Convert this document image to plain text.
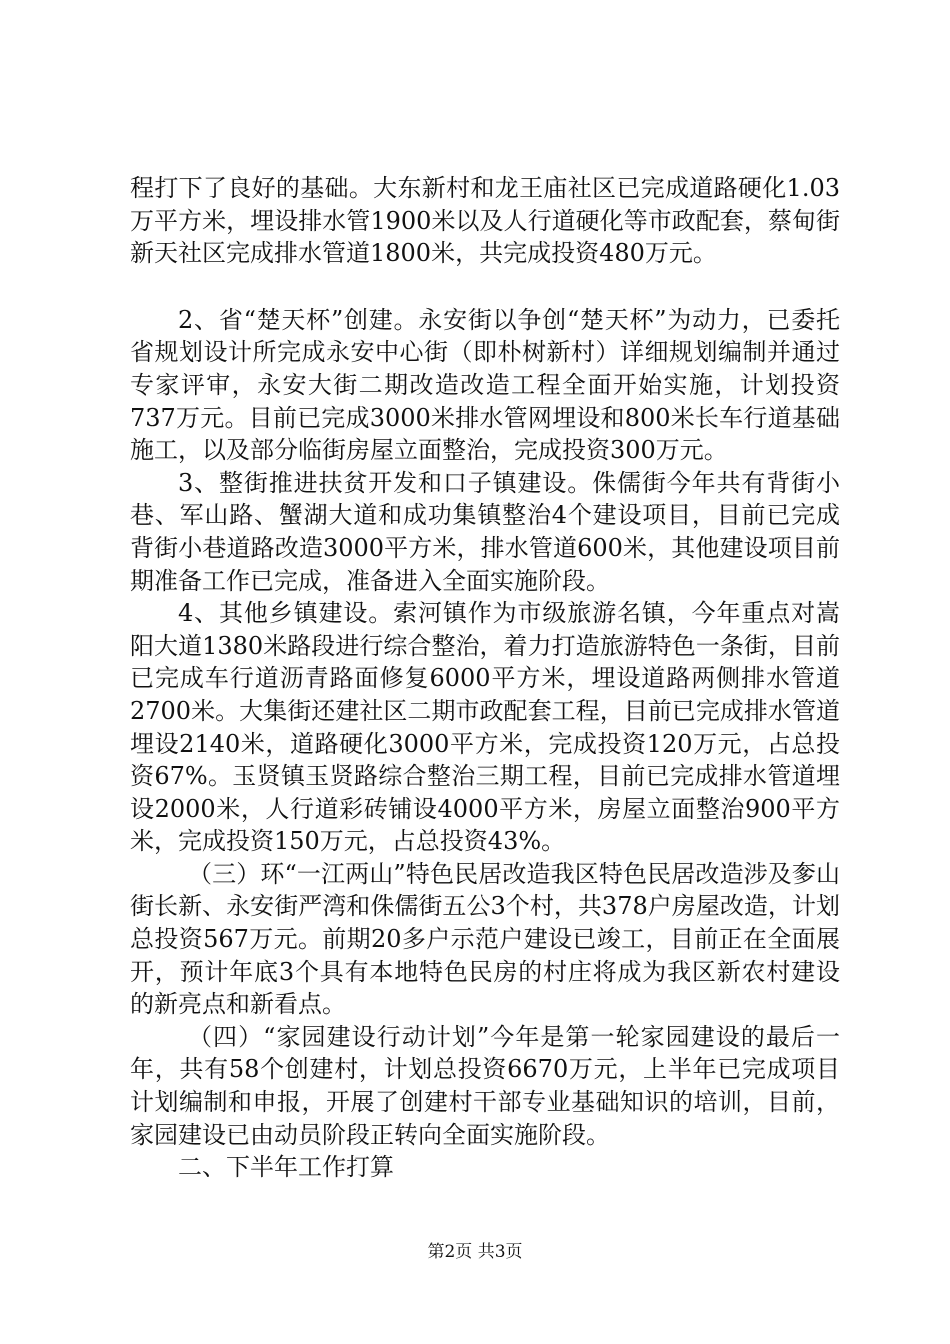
程打下了良好的基础。大东新村和龙王庙社区已完成道路硬化1.03万平方米，埋设排水管1900米以及人行道硬化等市政配套，蔡甸街新天社区完成排水管道1800米，共完成投资480万元。

2、省“楚天杯”创建。永安街以争创“楚天杯”为动力，已委托省规划设计所完成永安中心街（即朴树新村）详细规划编制并通过专家评审，永安大街二期改造改造工程全面开始实施，计划投资737万元。目前已完成3000米排水管网埋设和800米长车行道基础施工，以及部分临街房屋立面整治，完成投资300万元。

3、整街推进扶贫开发和口子镇建设。侏儒街今年共有背街小巷、军山路、蟹湖大道和成功集镇整治4个建设项目，目前已完成背街小巷道路改造3000平方米，排水管道600米，其他建设项目前期准备工作已完成，准备进入全面实施阶段。

4、其他乡镇建设。索河镇作为市级旅游名镇，今年重点对嵩阳大道1380米路段进行综合整治，着力打造旅游特色一条街，目前已完成车行道沥青路面修复6000平方米，埋设道路两侧排水管道2700米。大集街还建社区二期市政配套工程，目前已完成排水管道埋设2140米，道路硬化3000平方米，完成投资120万元，占总投资67%。玉贤镇玉贤路综合整治三期工程，目前已完成排水管道埋设2000米，人行道彩砖铺设4000平方米，房屋立面整治900平方米，完成投资150万元，占总投资43%。

（三）环“一江两山”特色民居改造我区特色民居改造涉及奓山街长新、永安街严湾和侏儒街五公3个村，共378户房屋改造，计划总投资567万元。前期20多户示范户建设已竣工，目前正在全面展开，预计年底3个具有本地特色民房的村庄将成为我区新农村建设的新亮点和新看点。

（四）“家园建设行动计划”今年是第一轮家园建设的最后一年，共有58个创建村，计划总投资6670万元，上半年已完成项目计划编制和申报，开展了创建村干部专业基础知识的培训，目前，家园建设已由动员阶段正转向全面实施阶段。

二、下半年工作打算

第2页 共3页
